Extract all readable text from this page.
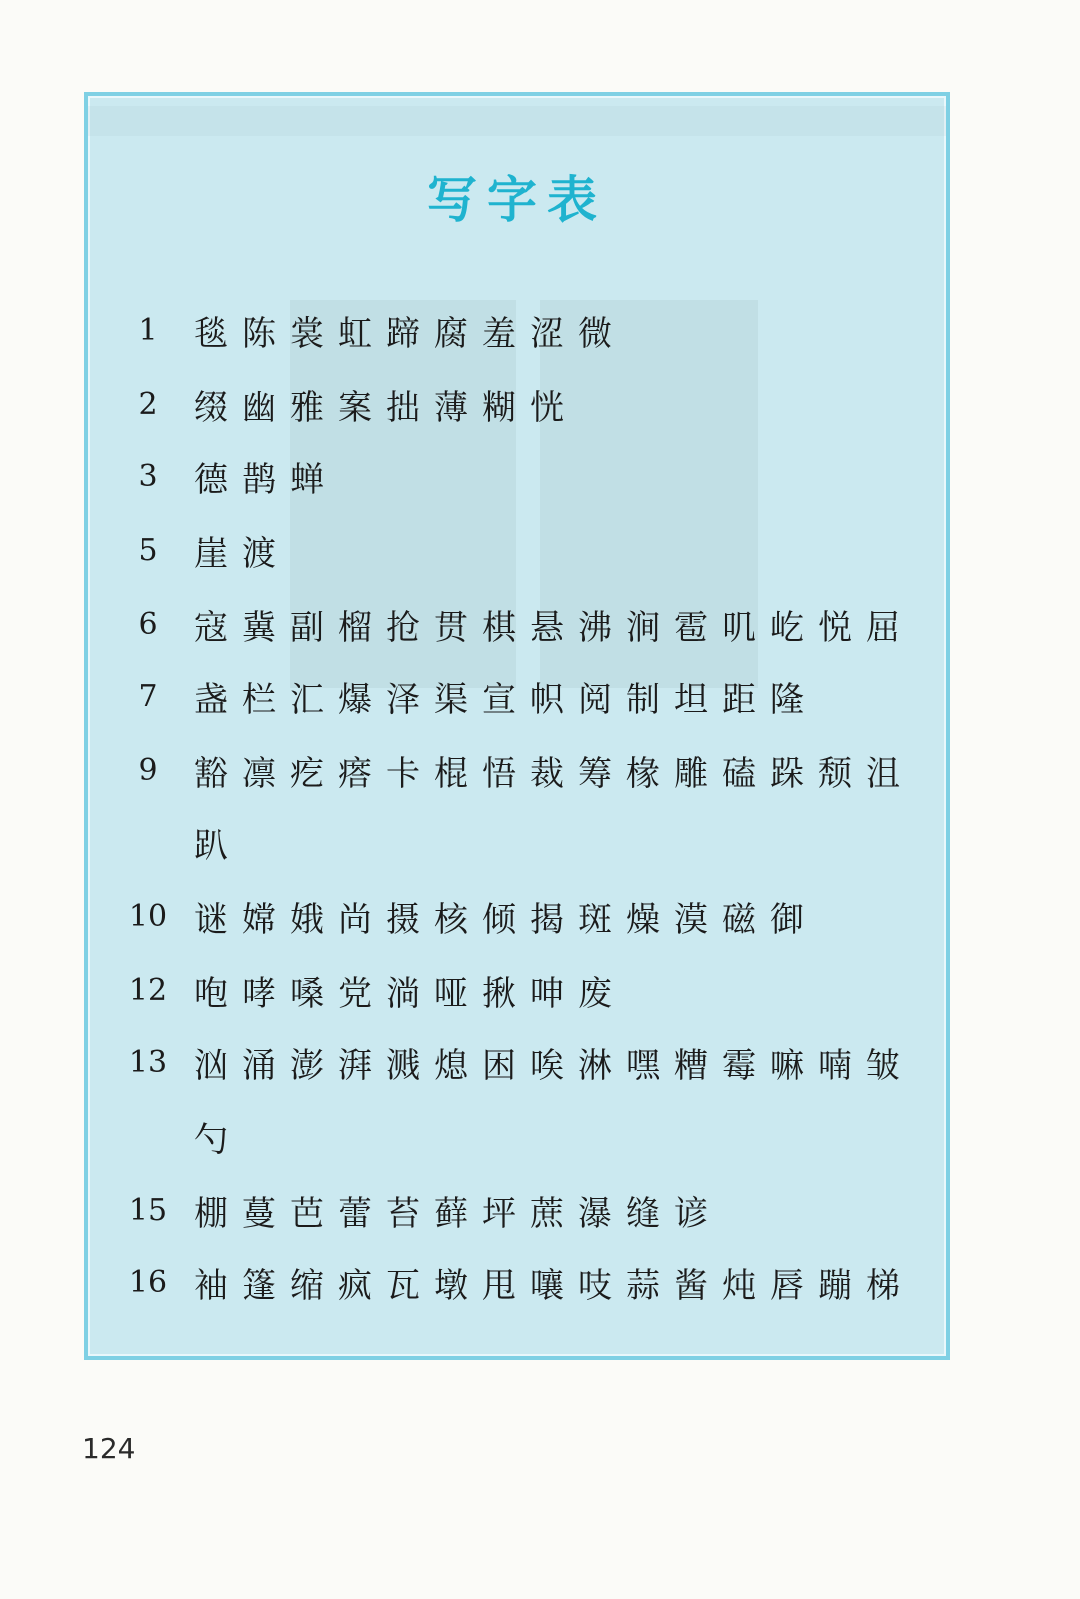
写字表
1	毯陈裳虹蹄腐羞涩微
2	缀幽雅案拙薄糊恍
3	德鹊蝉
5	崖渡
6	寇冀副榴抢贯棋悬沸涧雹叽屹悦屈
7	盏栏汇爆泽渠宣帜阅制坦距隆
9	豁凛疙瘩卡棍悟裁筹椽雕磕跺颓沮
趴
10 谜嫦娥尚摄核倾揭斑燥漠磁御
12 咆哮嗓党淌哑揪呻废
13 汹涌澎湃溅熄困唉淋嘿糟霉嘛喃皱
勺
15 棚蔓芭蕾苔藓坪蔗瀑缝谚
16 袖篷缩疯瓦墩甩嚷吱蒜酱炖唇蹦梯
124
